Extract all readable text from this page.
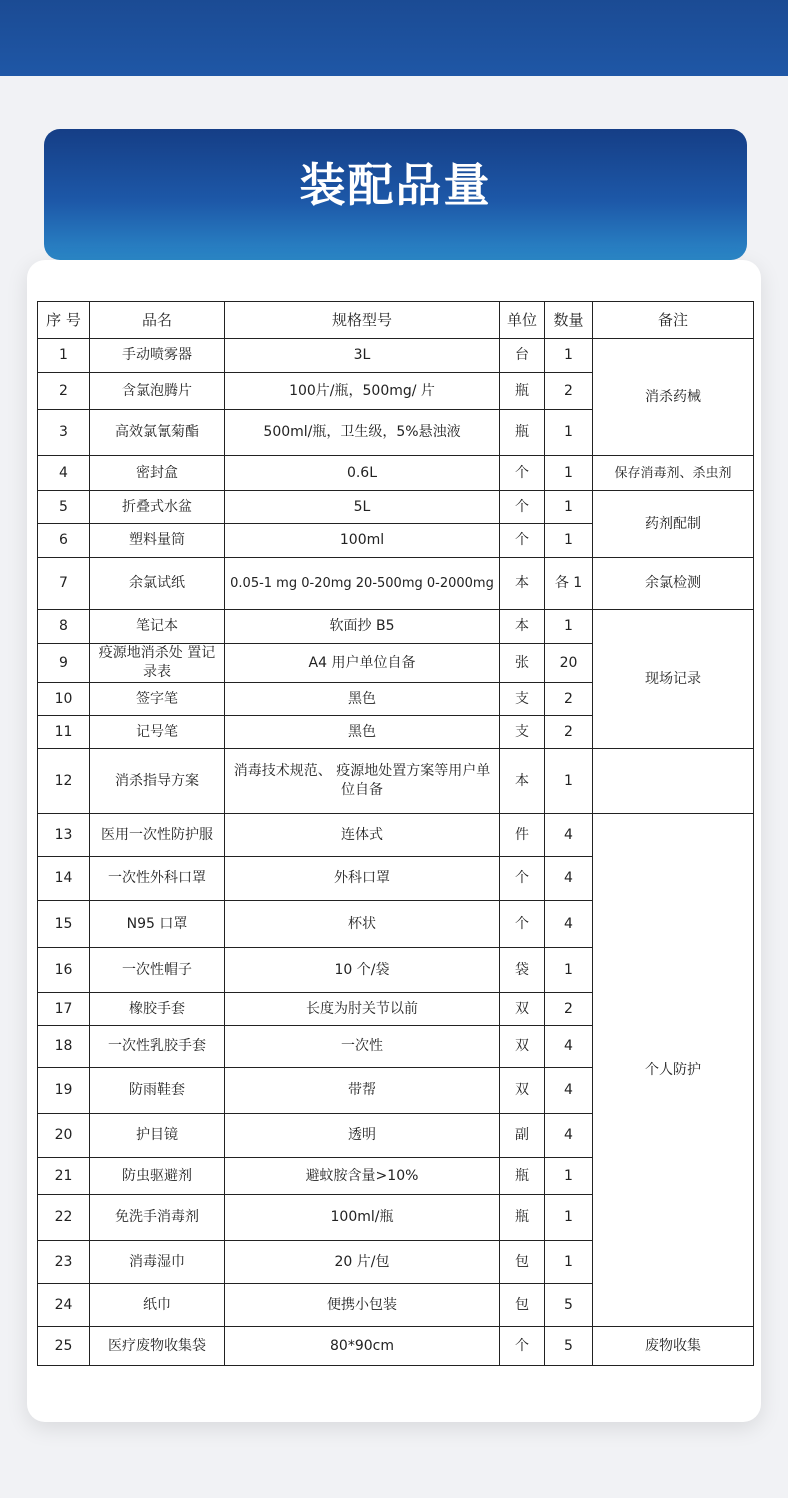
装配品量
序 号	品名	规格型号	单位	数量	备注
1	手动喷雾器	3L	台	1	消杀药械
2	含氯泡腾片	100片/瓶，500mg/ 片	瓶	2	
3	高效氯氰菊酯	500ml/瓶，卫生级，5%悬浊液	瓶	1	
4	密封盒	0.6L	个	1	保存消毒剂、杀虫剂
5	折叠式水盆	5L	个	1	药剂配制
6	塑料量筒	100ml	个	1	
7	余氯试纸	0.05-1 mg 0-20mg 20-500mg 0-2000mg	本	各 1	余氯检测
8	笔记本	软面抄 B5	本	1	现场记录
9	疫源地消杀处 置记录表	A4 用户单位自备	张	20	
10	签字笔	黑色	支	2	
11	记号笔	黑色	支	2	
12	消杀指导方案	消毒技术规范、 疫源地处置方案等用户单位自备	本	1	
13	医用一次性防护服	连体式	件	4	个人防护
14	一次性外科口罩	外科口罩	个	4	
15	N95 口罩	杯状	个	4	
16	一次性帽子	10 个/袋	袋	1	
17	橡胶手套	长度为肘关节以前	双	2	
18	一次性乳胶手套	一次性	双	4	
19	防雨鞋套	带帮	双	4	
20	护目镜	透明	副	4	
21	防虫驱避剂	避蚊胺含量>10%	瓶	1	
22	免洗手消毒剂	100ml/瓶	瓶	1	
23	消毒湿巾	20 片/包	包	1	
24	纸巾	便携小包装	包	5	
25	医疗废物收集袋	80*90cm	个	5	废物收集
